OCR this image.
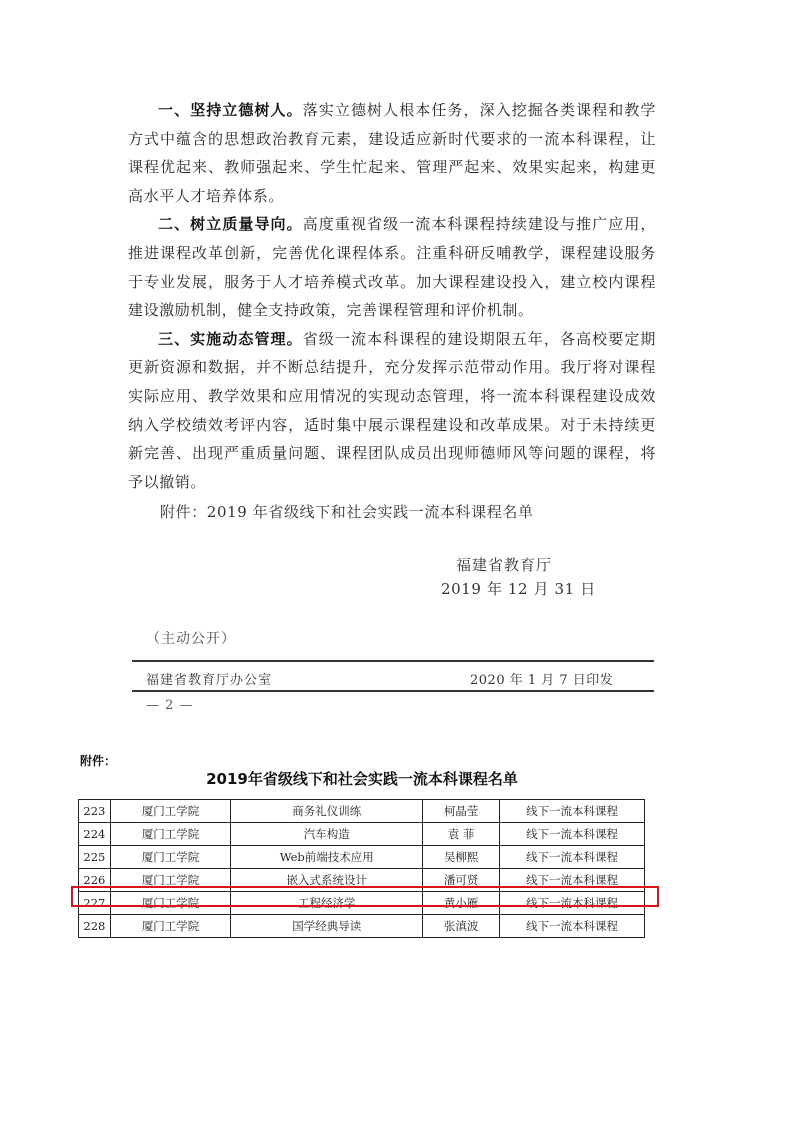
一、坚持立德树人。落实立德树人根本任务，深入挖掘各类课程和教学方式中蕴含的思想政治教育元素，建设适应新时代要求的一流本科课程，让课程优起来、教师强起来、学生忙起来、管理严起来、效果实起来，构建更高水平人才培养体系。

二、树立质量导向。高度重视省级一流本科课程持续建设与推广应用，推进课程改革创新，完善优化课程体系。注重科研反哺教学，课程建设服务于专业发展，服务于人才培养模式改革。加大课程建设投入，建立校内课程建设激励机制，健全支持政策，完善课程管理和评价机制。

三、实施动态管理。省级一流本科课程的建设期限五年，各高校要定期更新资源和数据，并不断总结提升，充分发挥示范带动作用。我厅将对课程实际应用、教学效果和应用情况的实现动态管理，将一流本科课程建设成效纳入学校绩效考评内容，适时集中展示课程建设和改革成果。对于未持续更新完善、出现严重质量问题、课程团队成员出现师德师风等问题的课程，将予以撤销。

附件：2019 年省级线下和社会实践一流本科课程名单
福建省教育厅
2019 年 12 月 31 日
（主动公开）
福建省教育厅办公室	2020 年 1 月 7 日印发
— 2 —
附件：
2019年省级线下和社会实践一流本科课程名单
223	厦门工学院	商务礼仪训练	柯晶莹	线下一流本科课程
224	厦门工学院	汽车构造	袁 菲	线下一流本科课程
225	厦门工学院	Web前端技术应用	吴柳熙	线下一流本科课程
226	厦门工学院	嵌入式系统设计	潘可贤	线下一流本科课程
227	厦门工学院	工程经济学	黄小雁	线下一流本科课程
228	厦门工学院	国学经典导读	张滇波	线下一流本科课程
